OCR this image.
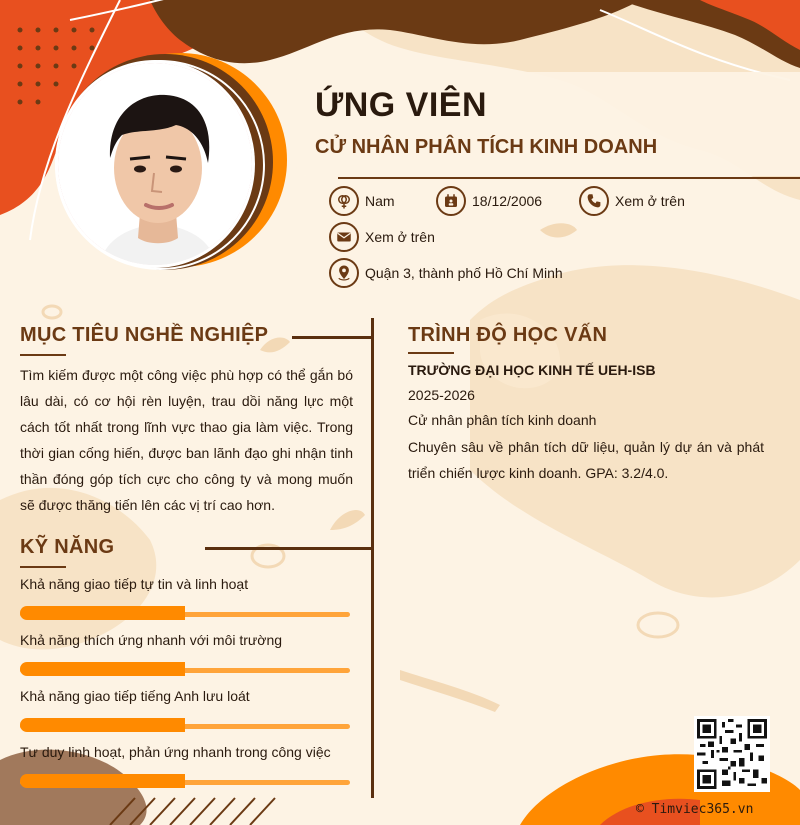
ỨNG VIÊN
CỬ NHÂN PHÂN TÍCH KINH DOANH
Nam	18/12/2006	Xem ở trên
Xem ở trên
Quận 3, thành phố Hồ Chí Minh
MỤC TIÊU NGHỀ NGHIỆP
Tìm kiếm được một công việc phù hợp có thể gắn bó lâu dài, có cơ hội rèn luyện, trau dồi năng lực một cách tốt nhất trong lĩnh vực thao gia làm việc. Trong thời gian cống hiến, được ban lãnh đạo ghi nhận tinh thần đóng góp tích cực cho công ty và mong muốn sẽ được thăng tiến lên các vị trí cao hơn.
KỸ NĂNG
Khả năng giao tiếp tự tin và linh hoạt
Khả năng thích ứng nhanh với môi trường
Khả năng giao tiếp tiếng Anh lưu loát
Tư duy linh hoạt, phản ứng nhanh trong công việc
TRÌNH ĐỘ HỌC VẤN
TRƯỜNG ĐẠI HỌC KINH TẾ UEH-ISB
2025-2026
Cử nhân phân tích kinh doanh
Chuyên sâu về phân tích dữ liệu, quản lý dự án và phát triển chiến lược kinh doanh. GPA: 3.2/4.0.
© Timviec365.vn
